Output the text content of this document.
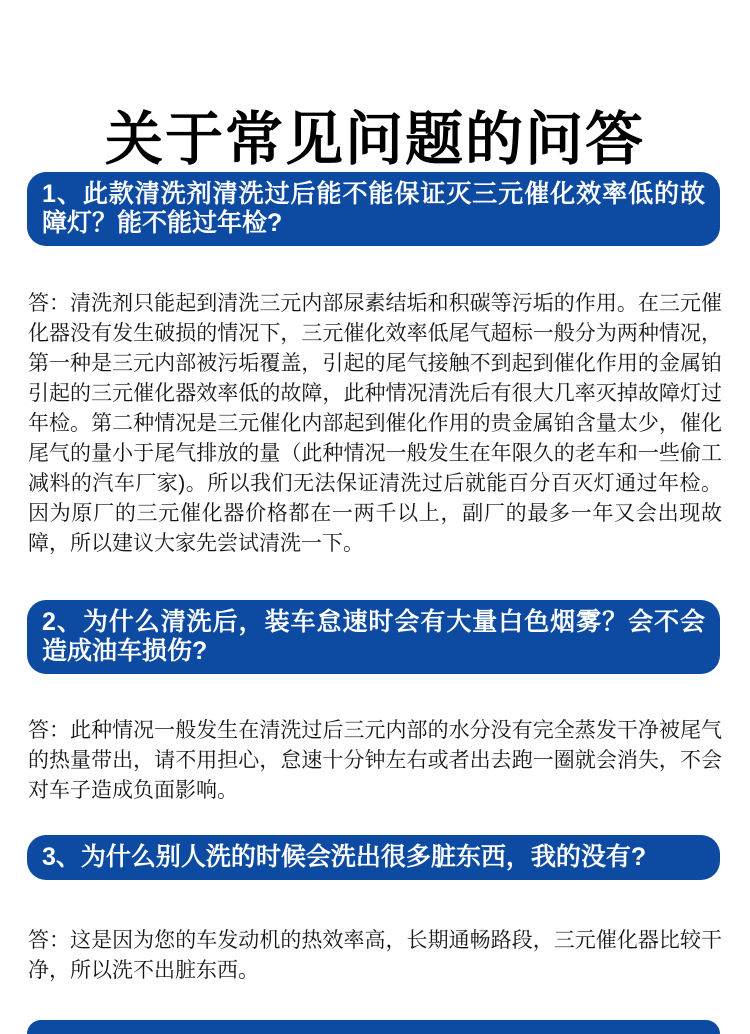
关于常见问题的问答
1、此款清洗剂清洗过后能不能保证灭三元催化效率低的故障灯？能不能过年检?

答：清洗剂只能起到清洗三元内部尿素结垢和积碳等污垢的作用。在三元催化器没有发生破损的情况下，三元催化效率低尾气超标一般分为两种情况，第一种是三元内部被污垢覆盖，引起的尾气接触不到起到催化作用的金属铂引起的三元催化器效率低的故障，此种情况清洗后有很大几率灭掉故障灯过年检。第二种情况是三元催化内部起到催化作用的贵金属铂含量太少，催化尾气的量小于尾气排放的量（此种情况一般发生在年限久的老车和一些偷工减料的汽车厂家)。所以我们无法保证清洗过后就能百分百灭灯通过年检。因为原厂的三元催化器价格都在一两千以上，副厂的最多一年又会出现故障，所以建议大家先尝试清洗一下。

2、为什么清洗后，装车怠速时会有大量白色烟雾？会不会造成油车损伤?

答：此种情况一般发生在清洗过后三元内部的水分没有完全蒸发干净被尾气的热量带出，请不用担心，怠速十分钟左右或者出去跑一圈就会消失，不会对车子造成负面影响。

3、为什么别人洗的时候会洗出很多脏东西，我的没有?

答：这是因为您的车发动机的热效率高，长期通畅路段，三元催化器比较干净，所以洗不出脏东西。
